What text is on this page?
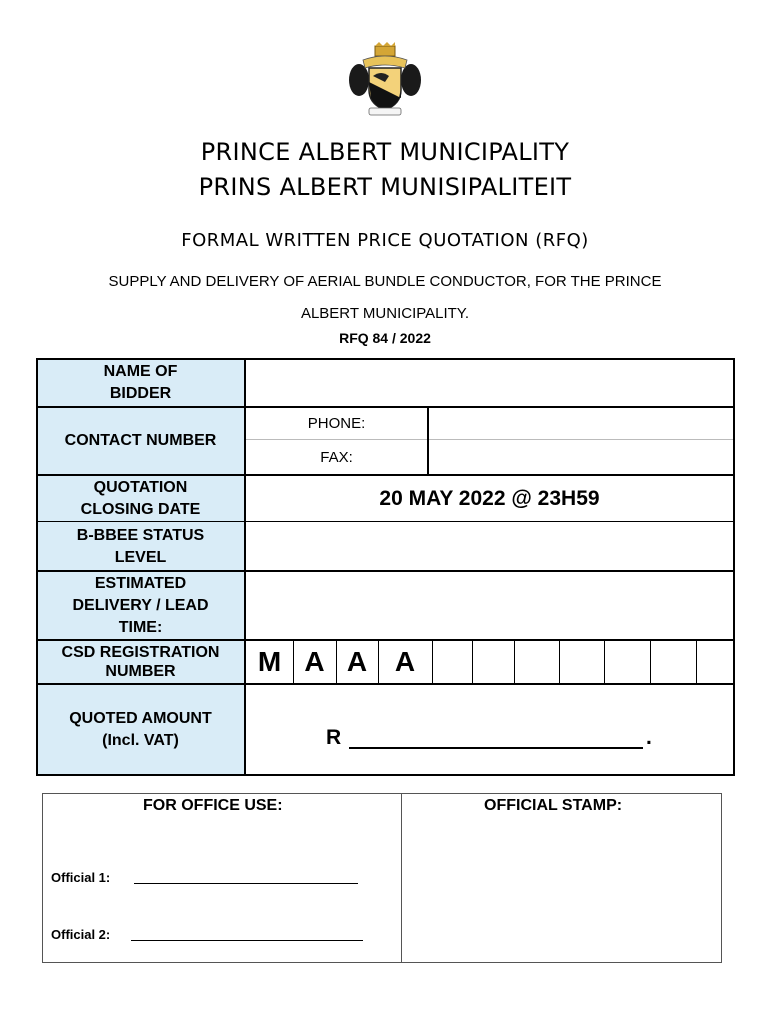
PRINCE ALBERT MUNICIPALITY
PRINS ALBERT MUNISIPALITEIT
FORMAL WRITTEN PRICE QUOTATION (RFQ)
SUPPLY AND DELIVERY OF AERIAL BUNDLE CONDUCTOR, FOR THE PRINCE
ALBERT MUNICIPALITY.
RFQ 84 / 2022
NAME OF
BIDDER
CONTACT NUMBER
QUOTATION
CLOSING DATE
B-BBEE STATUS
LEVEL
ESTIMATED
DELIVERY / LEAD
TIME:
CSD REGISTRATION
NUMBER
QUOTED AMOUNT
(Incl. VAT)
PHONE:
FAX:
20 MAY 2022 @ 23H59
M A A A
R	.
FOR OFFICE USE:	OFFICIAL STAMP:
Official 1:
Official 2:
